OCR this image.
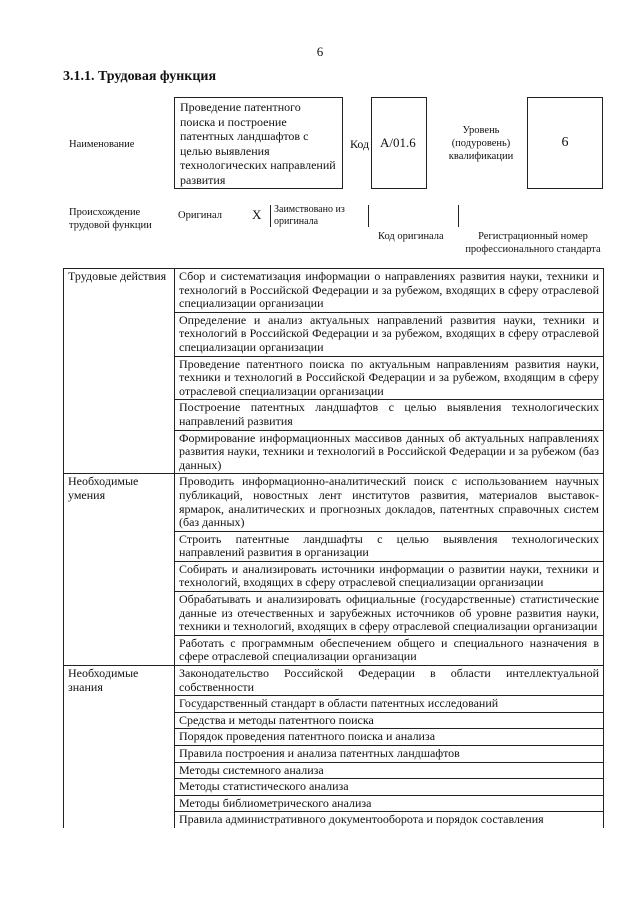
6
3.1.1. Трудовая функция
Наименование
Проведение патентного поиска и построение патентных ландшафтов с целью выявления технологических направлений развития
Код A/01.6
Уровень (подуровень) квалификации
6
Происхождение трудовой функции
Оригинал X Заимствовано из оригинала
Код оригинала	Регистрационный номер профессионального стандарта
Трудовые действия	Сбор и систематизация информации о направлениях развития науки, техники и технологий в Российской Федерации и за рубежом, входящих в сферу отраслевой специализации организации
	Определение и анализ актуальных направлений развития науки, техники и технологий в Российской Федерации и за рубежом, входящих в сферу отраслевой специализации организации
	Проведение патентного поиска по актуальным направлениям развития науки, техники и технологий в Российской Федерации и за рубежом, входящим в сферу отраслевой специализации организации
	Построение патентных ландшафтов с целью выявления технологических направлений развития
	Формирование информационных массивов данных об актуальных направлениях развития науки, техники и технологий в Российской Федерации и за рубежом (баз данных)
Необходимые умения	Проводить информационно-аналитический поиск с использованием научных публикаций, новостных лент институтов развития, материалов выставок-ярмарок, аналитических и прогнозных докладов, патентных справочных систем (баз данных)
	Строить патентные ландшафты с целью выявления технологических направлений развития в организации
	Собирать и анализировать источники информации о развитии науки, техники и технологий, входящих в сферу отраслевой специализации организации
	Обрабатывать и анализировать официальные (государственные) статистические данные из отечественных и зарубежных источников об уровне развития науки, техники и технологий, входящих в сферу отраслевой специализации организации
	Работать с программным обеспечением общего и специального назначения в сфере отраслевой специализации организации
Необходимые знания	Законодательство Российской Федерации в области интеллектуальной собственности
	Государственный стандарт в области патентных исследований
	Средства и методы патентного поиска
	Порядок проведения патентного поиска и анализа
	Правила построения и анализа патентных ландшафтов
	Методы системного анализа
	Методы статистического анализа
	Методы библиометрического анализа
	Правила административного документооборота и порядок составления
